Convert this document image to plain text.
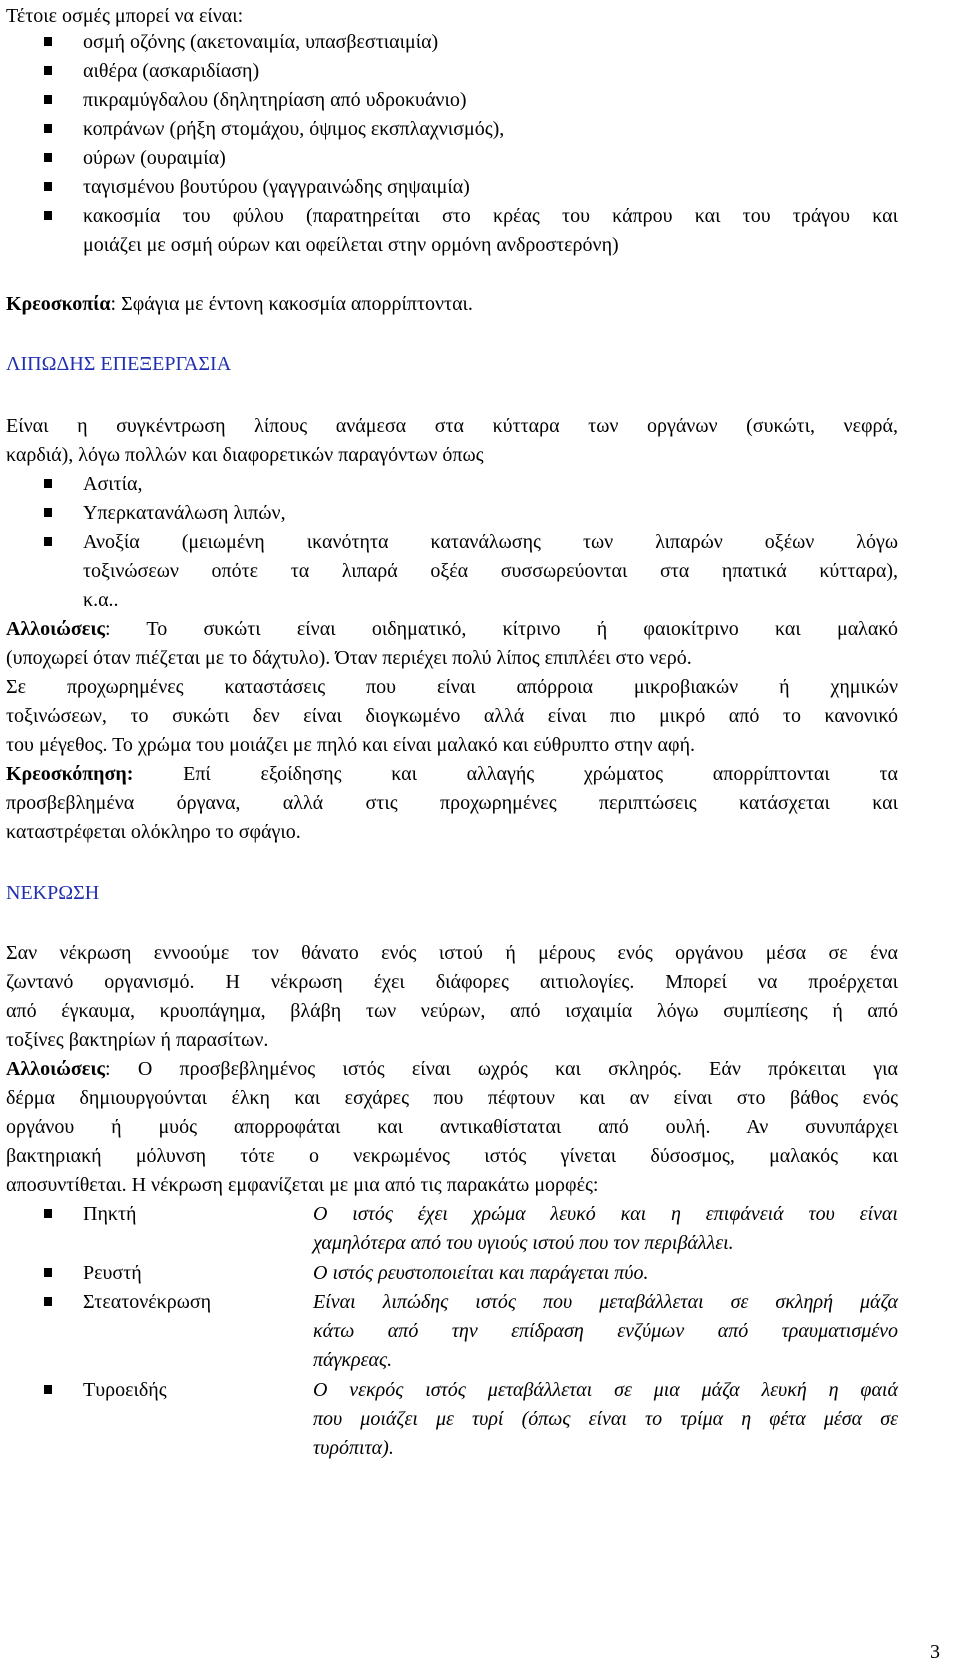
Τέτοιε οσμές μπορεί να είναι:
οσμή οζόνης (ακετοναιμία, υπασβεστιαιμία)
αιθέρα (ασκαριδίαση)
πικραμύγδαλου (δηλητηρίαση από υδροκυάνιο)
κοπράνων (ρήξη στομάχου, όψιμος εκσπλαχνισμός),
ούρων (ουραιμία)
ταγισμένου βουτύρου (γαγγραινώδης σηψαιμία)
κακοσμία του φύλου (παρατηρείται στο κρέας του κάπρου και του τράγου και
μοιάζει με οσμή ούρων και οφείλεται στην ορμόνη ανδροστερόνη)
Κρεοσκοπία: Σφάγια με έντονη κακοσμία απορρίπτονται.
ΛΙΠΩΔΗΣ ΕΠΕΞΕΡΓΑΣΙΑ
Είναι η συγκέντρωση λίπους ανάμεσα στα κύτταρα των οργάνων (συκώτι, νεφρά,
καρδιά), λόγω πολλών και διαφορετικών παραγόντων όπως
Ασιτία,
Υπερκατανάλωση λιπών,
Ανοξία (μειωμένη ικανότητα κατανάλωσης των λιπαρών οξέων λόγω
τοξινώσεων οπότε τα λιπαρά οξέα συσσωρεύονται στα ηπατικά κύτταρα),
κ.α..
Αλλοιώσεις: Το συκώτι είναι οιδηματικό, κίτρινο ή φαιοκίτρινο και μαλακό
(υποχωρεί όταν πιέζεται με το δάχτυλο). Όταν περιέχει πολύ λίπος επιπλέει στο νερό.
Σε προχωρημένες καταστάσεις που είναι απόρροια μικροβιακών ή χημικών
τοξινώσεων, το συκώτι δεν είναι διογκωμένο αλλά είναι πιο μικρό από το κανονικό
του μέγεθος. Το χρώμα του μοιάζει με πηλό και είναι μαλακό και εύθρυπτο στην αφή.
Κρεοσκόπηση: Επί εξοίδησης και αλλαγής χρώματος απορρίπτονται τα
προσβεβλημένα όργανα, αλλά στις προχωρημένες περιπτώσεις κατάσχεται και
καταστρέφεται ολόκληρο το σφάγιο.
ΝΕΚΡΩΣΗ
Σαν νέκρωση εννοούμε τον θάνατο ενός ιστού ή μέρους ενός οργάνου μέσα σε ένα
ζωντανό οργανισμό. Η νέκρωση έχει διάφορες αιτιολογίες. Μπορεί να προέρχεται
από έγκαυμα, κρυοπάγημα, βλάβη των νεύρων, από ισχαιμία λόγω συμπίεσης ή από
τοξίνες βακτηρίων ή παρασίτων.
Αλλοιώσεις: Ο προσβεβλημένος ιστός είναι ωχρός και σκληρός. Εάν πρόκειται για
δέρμα δημιουργούνται έλκη και εσχάρες που πέφτουν και αν είναι στο βάθος ενός
οργάνου ή μυός απορροφάται και αντικαθίσταται από ουλή. Αν συνυπάρχει
βακτηριακή μόλυνση τότε ο νεκρωμένος ιστός γίνεται δύσοσμος, μαλακός και
αποσυντίθεται. Η νέκρωση εμφανίζεται με μια από τις παρακάτω μορφές:
Πηκτή	Ο ιστός έχει χρώμα λευκό και η επιφάνειά του είναι
χαμηλότερα από του υγιούς ιστού που τον περιβάλλει.
Ρευστή	Ο ιστός ρευστοποιείται και παράγεται πύο.
Στεατονέκρωση	Είναι λιπώδης ιστός που μεταβάλλεται σε σκληρή μάζα
κάτω από την επίδραση ενζύμων από τραυματισμένο
πάγκρεας.
Τυροειδής	Ο νεκρός ιστός μεταβάλλεται σε μια μάζα λευκή η φαιά
που μοιάζει με τυρί (όπως είναι το τρίμα η φέτα μέσα σε
τυρόπιτα).
3
